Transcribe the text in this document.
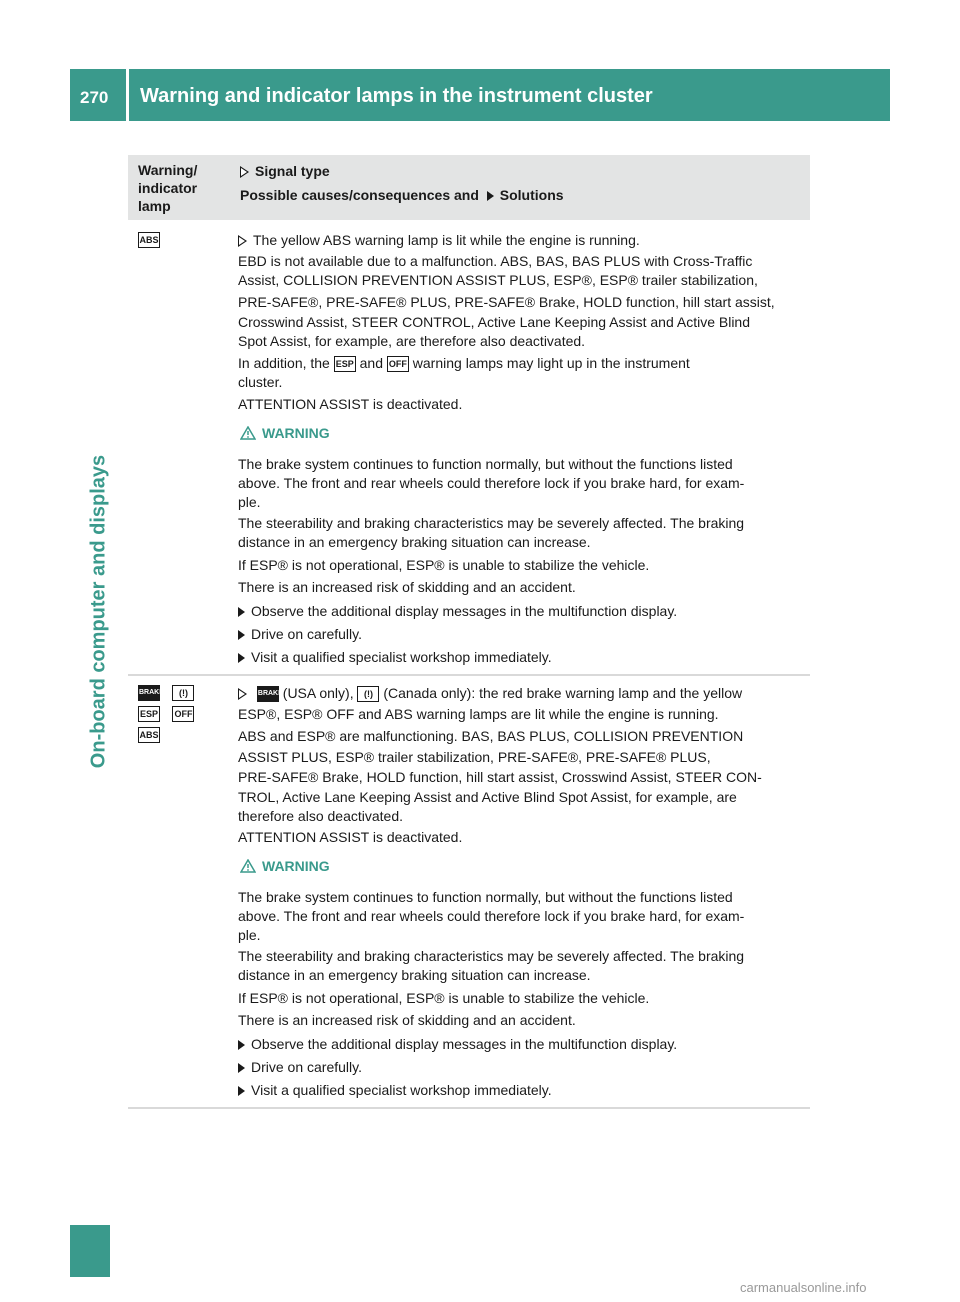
270 Warning and indicator lamps in the instrument cluster
On-board computer and displays
Warning/ indicator lamp
Signal type
Possible causes/consequences and Solutions
ABS	The yellow ABS warning lamp is lit while the engine is running.
EBD is not available due to a malfunction. ABS, BAS, BAS PLUS with Cross-Traffic
Assist, COLLISION PREVENTION ASSIST PLUS, ESP®, ESP® trailer stabilization,
PRE-SAFE®, PRE-SAFE® PLUS, PRE-SAFE® Brake, HOLD function, hill start assist,
Crosswind Assist, STEER CONTROL, Active Lane Keeping Assist and Active Blind
Spot Assist, for example, are therefore also deactivated.
In addition, the ESP and OFF warning lamps may light up in the instrument
cluster.
ATTENTION ASSIST is deactivated.
WARNING
The brake system continues to function normally, but without the functions listed
above. The front and rear wheels could therefore lock if you brake hard, for exam-
ple.
The steerability and braking characteristics may be severely affected. The braking
distance in an emergency braking situation can increase.
If ESP® is not operational, ESP® is unable to stabilize the vehicle.
There is an increased risk of skidding and an accident.
Observe the additional display messages in the multifunction display.
Drive on carefully.
Visit a qualified specialist workshop immediately.
BRAKE (!)
ESP OFF
ABS
BRAKE (USA only), (!) (Canada only): the red brake warning lamp and the yellow
ESP®, ESP® OFF and ABS warning lamps are lit while the engine is running.
ABS and ESP® are malfunctioning. BAS, BAS PLUS, COLLISION PREVENTION
ASSIST PLUS, ESP® trailer stabilization, PRE-SAFE®, PRE-SAFE® PLUS,
PRE-SAFE® Brake, HOLD function, hill start assist, Crosswind Assist, STEER CON-
TROL, Active Lane Keeping Assist and Active Blind Spot Assist, for example, are
therefore also deactivated.
ATTENTION ASSIST is deactivated.
WARNING
The brake system continues to function normally, but without the functions listed
above. The front and rear wheels could therefore lock if you brake hard, for exam-
ple.
The steerability and braking characteristics may be severely affected. The braking
distance in an emergency braking situation can increase.
If ESP® is not operational, ESP® is unable to stabilize the vehicle.
There is an increased risk of skidding and an accident.
Observe the additional display messages in the multifunction display.
Drive on carefully.
Visit a qualified specialist workshop immediately.
carmanualsonline.info
